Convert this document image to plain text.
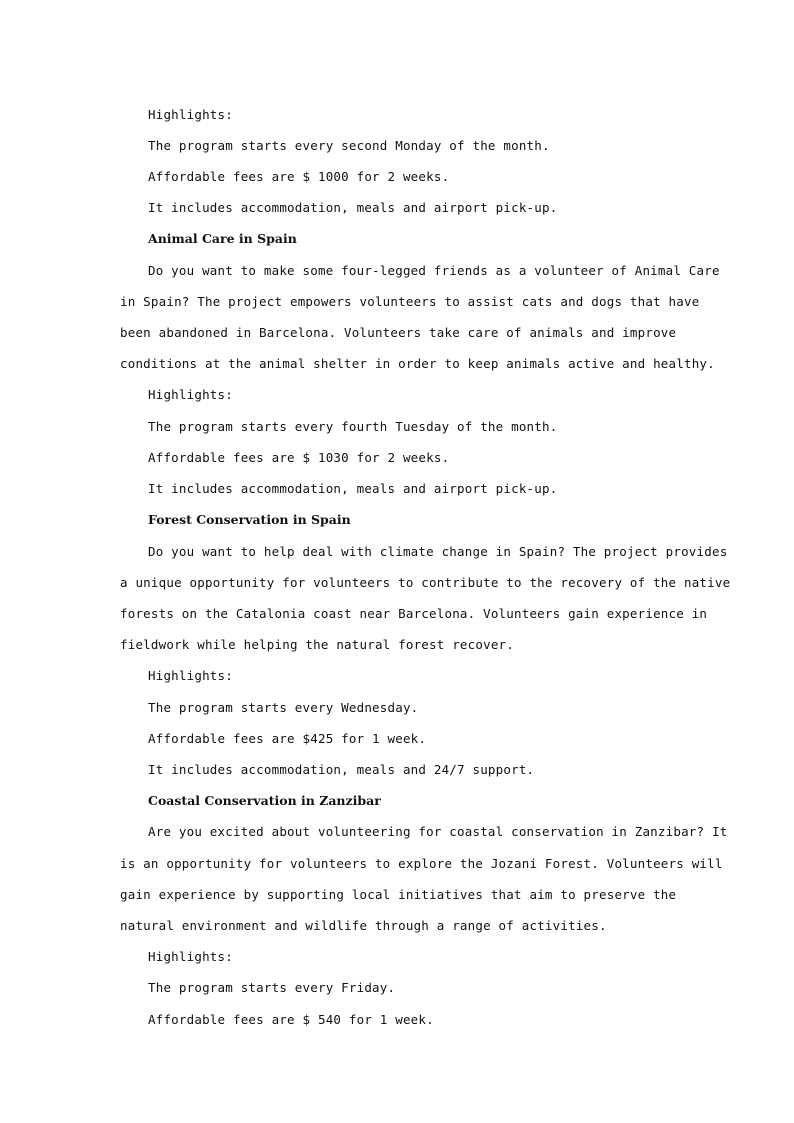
Highlights:
The program starts every second Monday of the month.
Affordable fees are $ 1000 for 2 weeks.
It includes accommodation, meals and airport pick-up.
Animal Care in Spain
Do you want to make some four-legged friends as a volunteer of Animal Care
in Spain? The project empowers volunteers to assist cats and dogs that have
been abandoned in Barcelona. Volunteers take care of animals and improve
conditions at the animal shelter in order to keep animals active and healthy.
Highlights:
The program starts every fourth Tuesday of the month.
Affordable fees are $ 1030 for 2 weeks.
It includes accommodation, meals and airport pick-up.
Forest Conservation in Spain
Do you want to help deal with climate change in Spain? The project provides
a unique opportunity for volunteers to contribute to the recovery of the native
forests on the Catalonia coast near Barcelona. Volunteers gain experience in
fieldwork while helping the natural forest recover.
Highlights:
The program starts every Wednesday.
Affordable fees are $425 for 1 week.
It includes accommodation, meals and 24/7 support.
Coastal Conservation in Zanzibar
Are you excited about volunteering for coastal conservation in Zanzibar? It
is an opportunity for volunteers to explore the Jozani Forest. Volunteers will
gain experience by supporting local initiatives that aim to preserve the
natural environment and wildlife through a range of activities.
Highlights:
The program starts every Friday.
Affordable fees are $ 540 for 1 week.
